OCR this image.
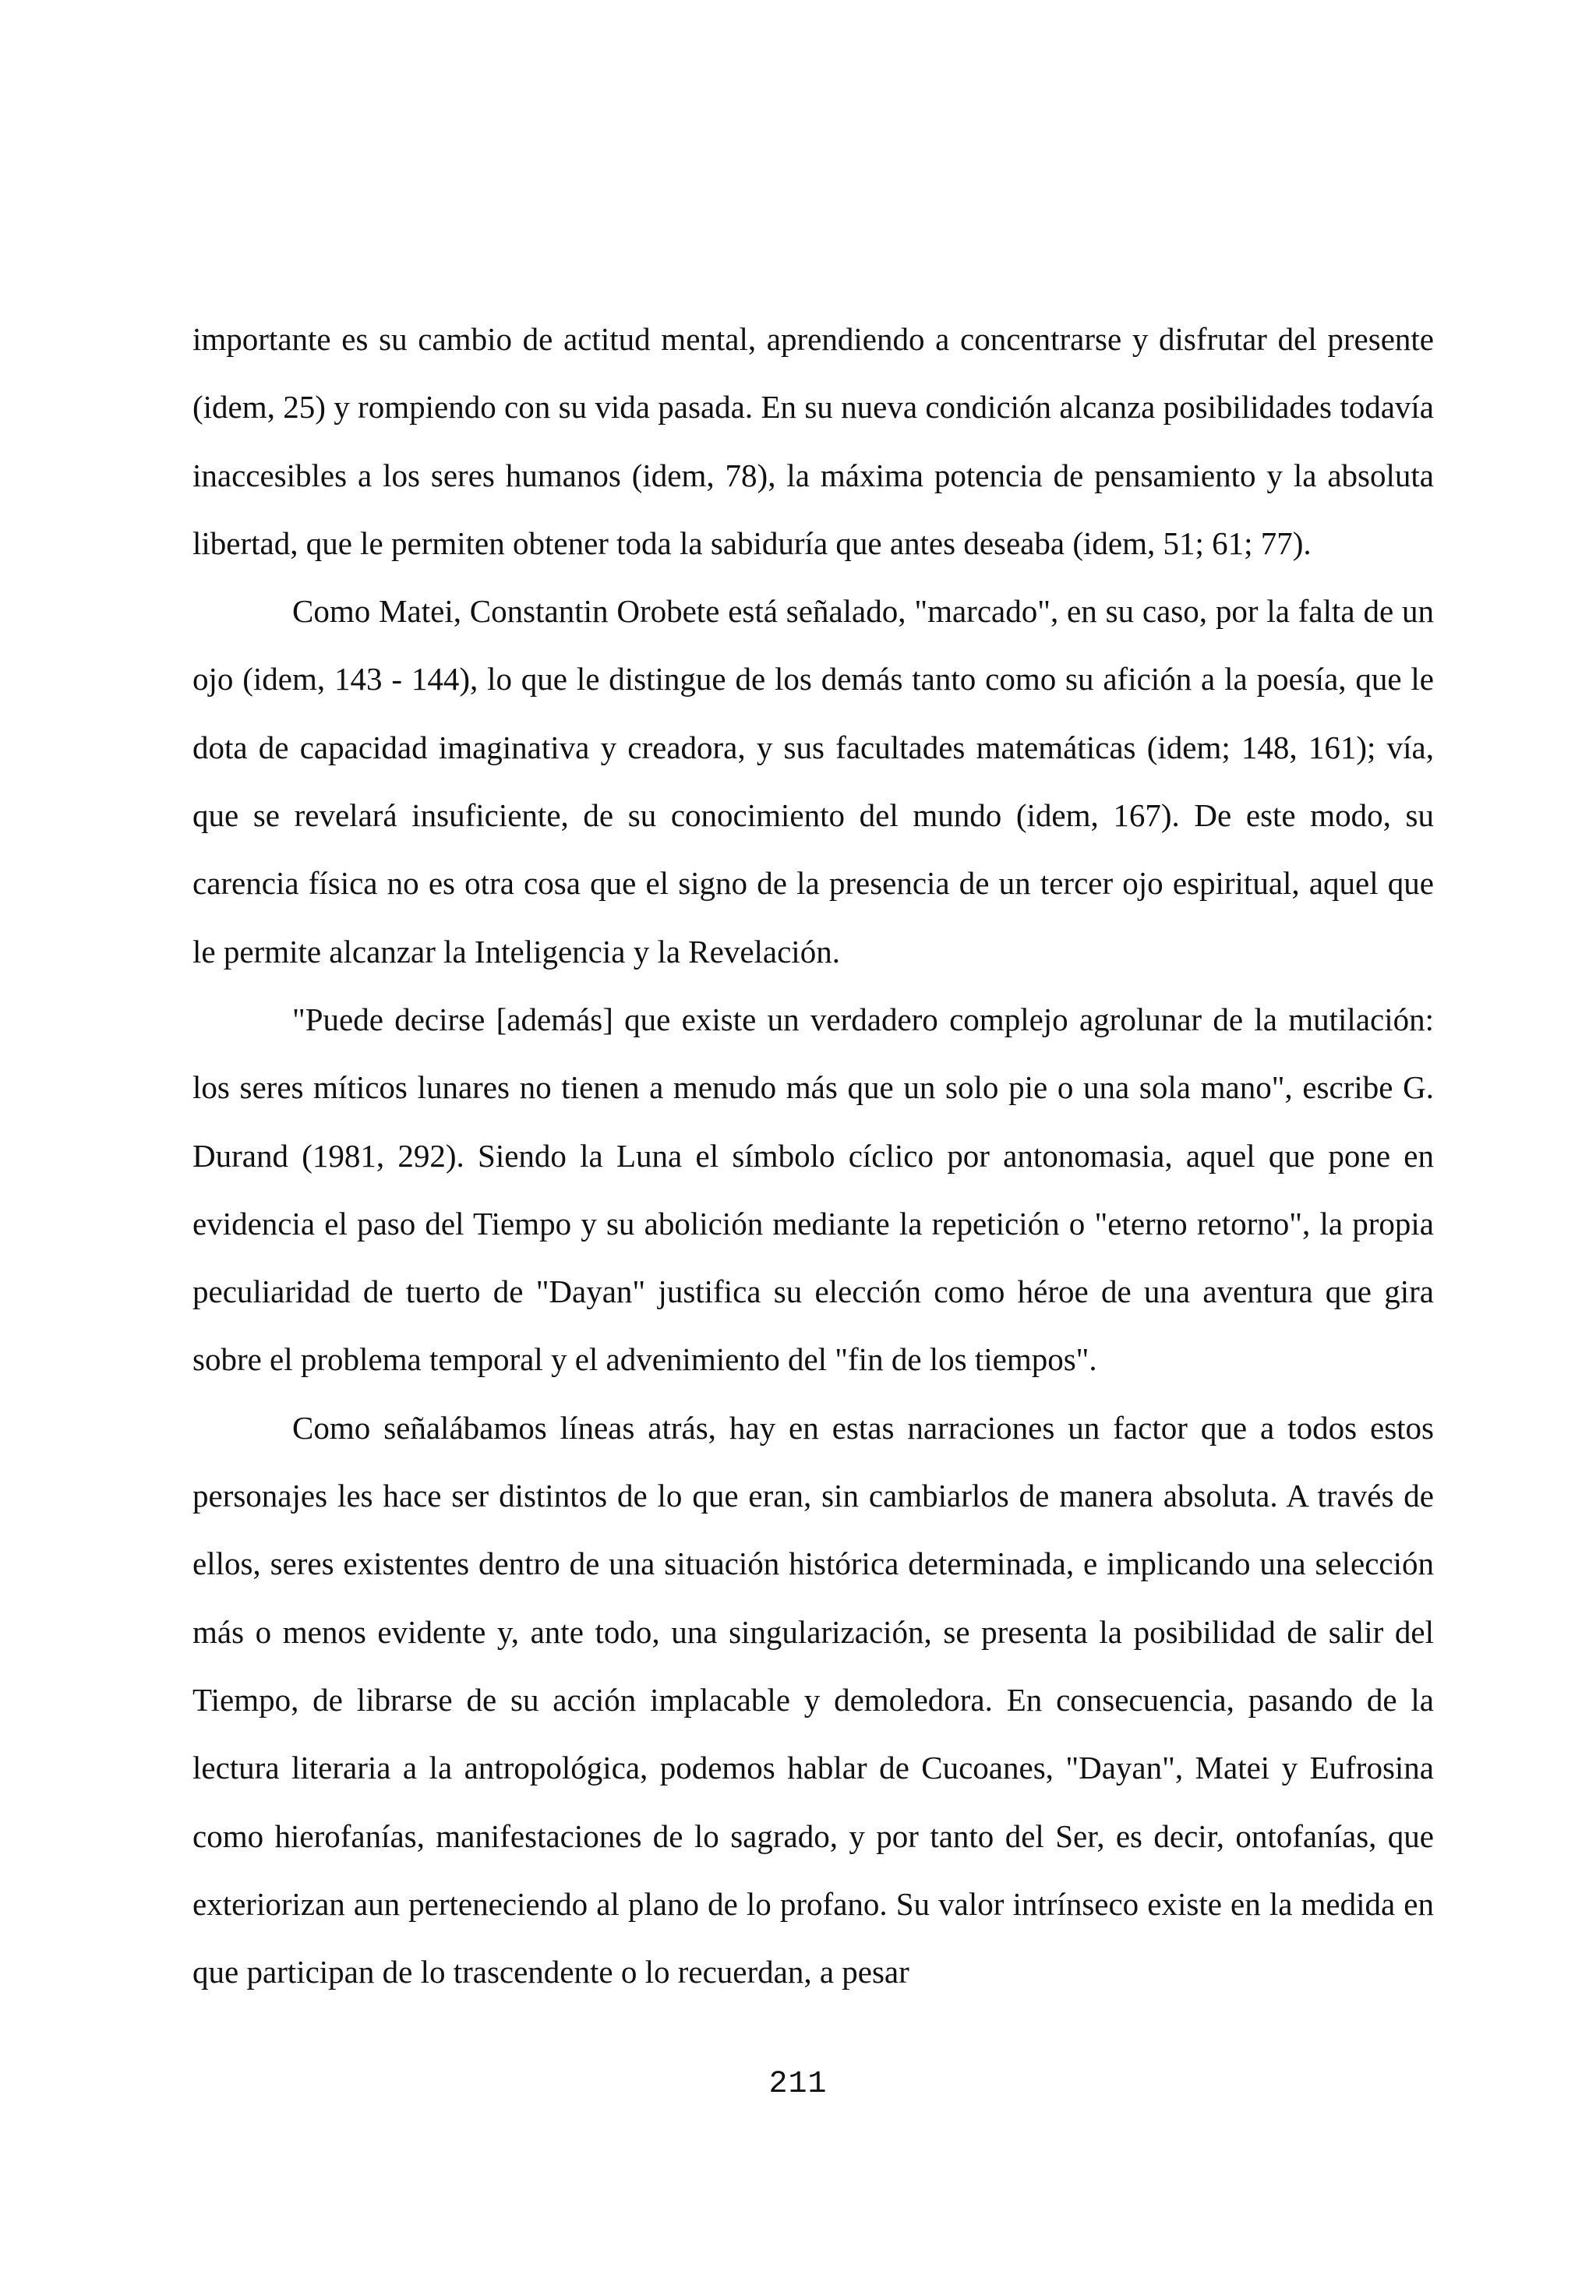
importante es su cambio de actitud mental, aprendiendo a concentrarse y disfrutar del presente (idem, 25) y rompiendo con su vida pasada. En su nueva condición alcanza posibilidades todavía inaccesibles a los seres humanos (idem, 78), la máxima potencia de pensamiento y la absoluta libertad, que le permiten obtener toda la sabiduría que antes deseaba (idem, 51; 61; 77).

Como Matei, Constantin Orobete está señalado, "marcado", en su caso, por la falta de un ojo (idem, 143 - 144), lo que le distingue de los demás tanto como su afición a la poesía, que le dota de capacidad imaginativa y creadora, y sus facultades matemáticas (idem; 148, 161); vía, que se revelará insuficiente, de su conocimiento del mundo (idem, 167). De este modo, su carencia física no es otra cosa que el signo de la presencia de un tercer ojo espiritual, aquel que le permite alcanzar la Inteligencia y la Revelación.

"Puede decirse [además] que existe un verdadero complejo agrolunar de la mutilación: los seres míticos lunares no tienen a menudo más que un solo pie o una sola mano", escribe G. Durand (1981, 292). Siendo la Luna el símbolo cíclico por antonomasia, aquel que pone en evidencia el paso del Tiempo y su abolición mediante la repetición o "eterno retorno", la propia peculiaridad de tuerto de "Dayan" justifica su elección como héroe de una aventura que gira sobre el problema temporal y el advenimiento del "fin de los tiempos".

Como señalábamos líneas atrás, hay en estas narraciones un factor que a todos estos personajes les hace ser distintos de lo que eran, sin cambiarlos de manera absoluta. A través de ellos, seres existentes dentro de una situación histórica determinada, e implicando una selección más o menos evidente y, ante todo, una singularización, se presenta la posibilidad de salir del Tiempo, de librarse de su acción implacable y demoledora. En consecuencia, pasando de la lectura literaria a la antropológica, podemos hablar de Cucoanes, "Dayan", Matei y Eufrosina como hierofanías, manifestaciones de lo sagrado, y por tanto del Ser, es decir, ontofanías, que exteriorizan aun perteneciendo al plano de lo profano. Su valor intrínseco existe en la medida en que participan de lo trascendente o lo recuerdan, a pesar

211
